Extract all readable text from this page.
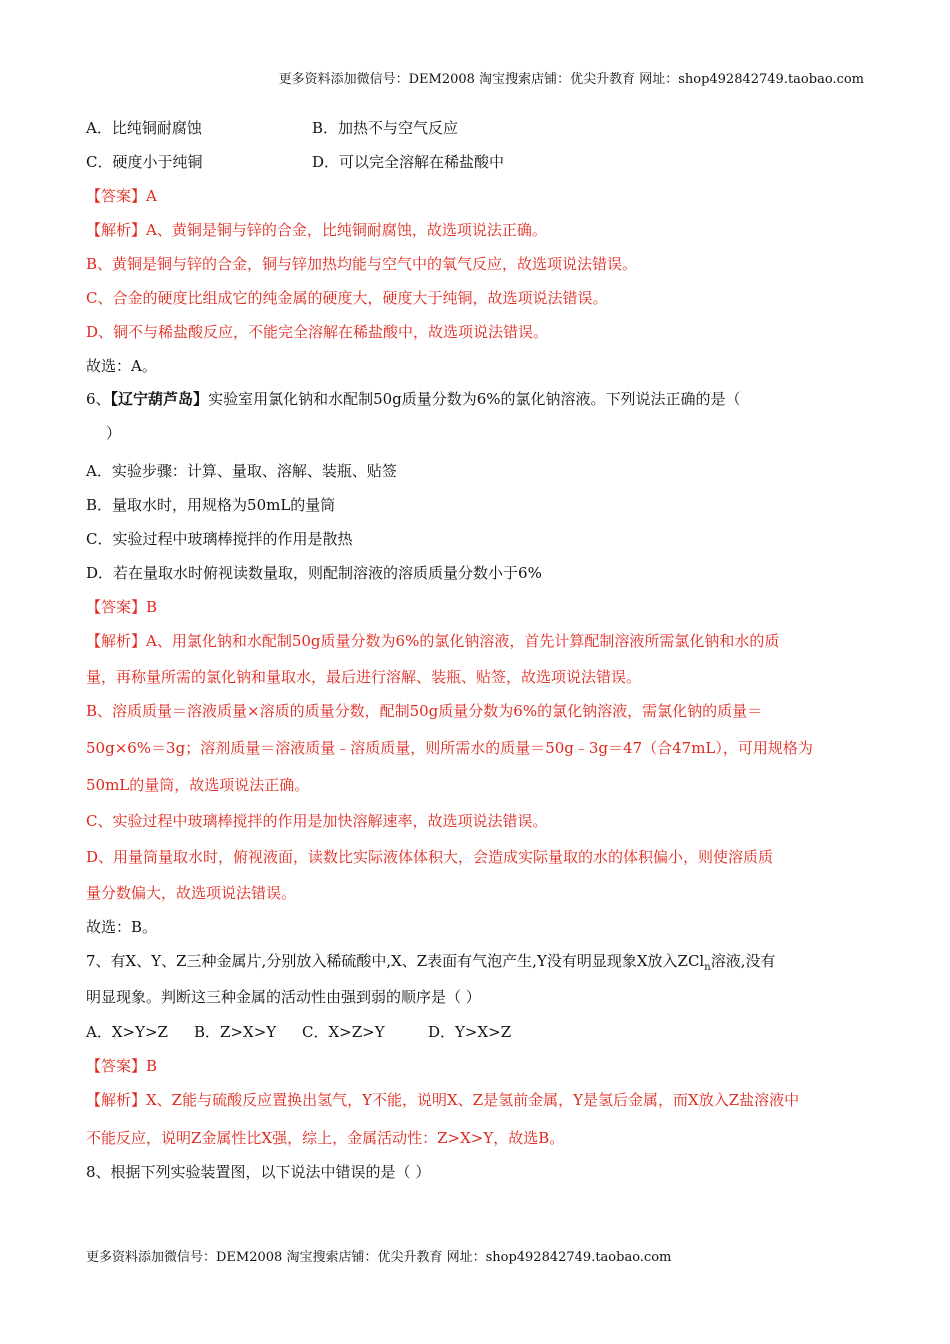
更多资料添加微信号：DEM2008 淘宝搜索店铺：优尖升教育 网址：shop492842749.taobao.com
A．比纯铜耐腐蚀	B．加热不与空气反应
C．硬度小于纯铜	D．可以完全溶解在稀盐酸中
【答案】A
【解析】A、黄铜是铜与锌的合金，比纯铜耐腐蚀，故选项说法正确。
B、黄铜是铜与锌的合金，铜与锌加热均能与空气中的氧气反应，故选项说法错误。
C、合金的硬度比组成它的纯金属的硬度大，硬度大于纯铜，故选项说法错误。
D、铜不与稀盐酸反应，不能完全溶解在稀盐酸中，故选项说法错误。
故选：A。
6、【辽宁葫芦岛】实验室用氯化钠和水配制50g质量分数为6%的氯化钠溶液。下列说法正确的是（
）
A．实验步骤：计算、量取、溶解、装瓶、贴签
B．量取水时，用规格为50mL的量筒
C．实验过程中玻璃棒搅拌的作用是散热
D．若在量取水时俯视读数量取，则配制溶液的溶质质量分数小于6%
【答案】B
【解析】A、用氯化钠和水配制50g质量分数为6%的氯化钠溶液，首先计算配制溶液所需氯化钠和水的质
量，再称量所需的氯化钠和量取水，最后进行溶解、装瓶、贴签，故选项说法错误。
B、溶质质量＝溶液质量×溶质的质量分数，配制50g质量分数为6%的氯化钠溶液，需氯化钠的质量＝
50g×6%＝3g；溶剂质量＝溶液质量﹣溶质质量，则所需水的质量＝50g﹣3g＝47（合47mL），可用规格为
50mL的量筒，故选项说法正确。
C、实验过程中玻璃棒搅拌的作用是加快溶解速率，故选项说法错误。
D、用量筒量取水时，俯视液面，读数比实际液体体积大，会造成实际量取的水的体积偏小，则使溶质质
量分数偏大，故选项说法错误。
故选：B。
7、有X、Y、Z三种金属片,分别放入稀硫酸中,X、Z表面有气泡产生,Y没有明显现象X放入ZCl$_n$溶液,没有
明显现象。判断这三种金属的活动性由强到弱的顺序是（ ）
A．X>Y>Z B．Z>X>Y C．X>Z>Y	D．Y>X>Z
【答案】B
【解析】X、Z能与硫酸反应置换出氢气，Y不能，说明X、Z是氢前金属，Y是氢后金属，而X放入Z盐溶液中
不能反应，说明Z金属性比X强，综上，金属活动性：Z>X>Y，故选B。
8、根据下列实验装置图，以下说法中错误的是（ ）
更多资料添加微信号：DEM2008 淘宝搜索店铺：优尖升教育 网址：shop492842749.taobao.com
